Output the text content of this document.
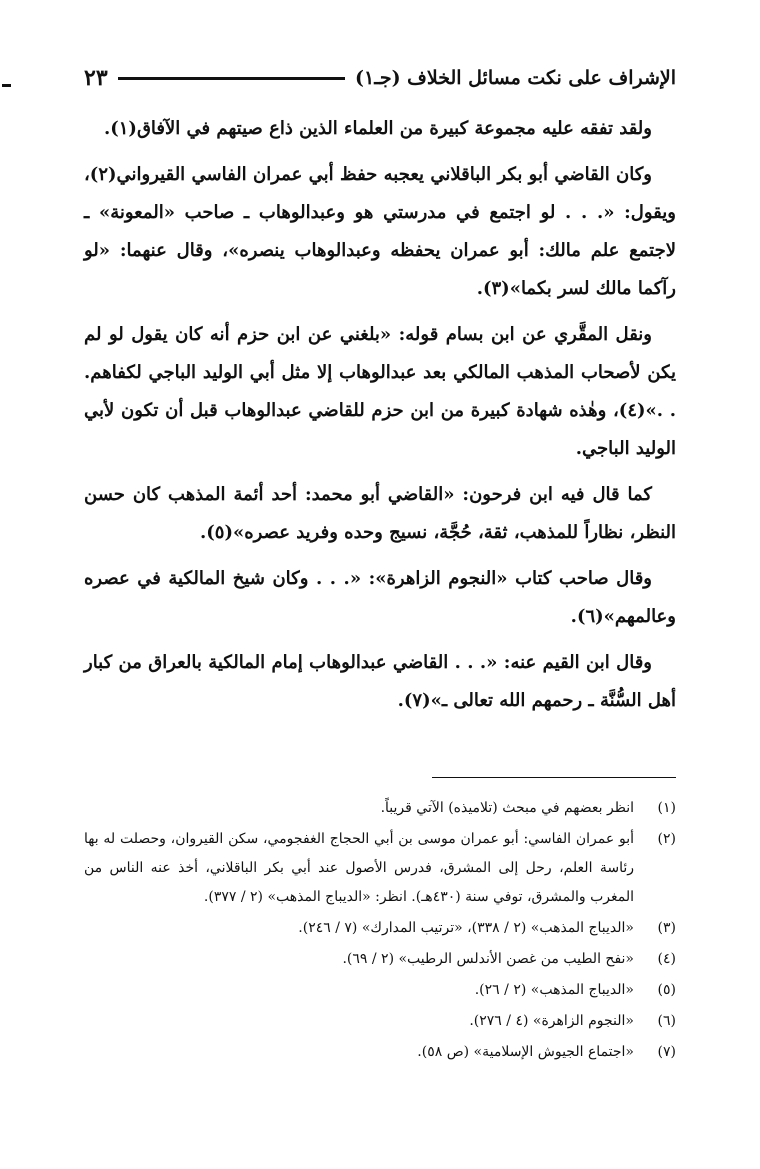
الإشراف على نكت مسائل الخلاف (جـ١)
٢٣

ولقد تفقه عليه مجموعة كبيرة من العلماء الذين ذاع صيتهم في الآفاق(١).

وكان القاضي أبو بكر الباقلاني يعجبه حفظ أبي عمران الفاسي القيرواني(٢)، ويقول: «. . . لو اجتمع في مدرستي هو وعبدالوهاب ـ صاحب «المعونة» ـ لاجتمع علم مالك: أبو عمران يحفظه وعبدالوهاب ينصره»، وقال عنهما: «لو رآكما مالك لسر بكما»(٣).

ونقل المقَّري عن ابن بسام قوله: «بلغني عن ابن حزم أنه كان يقول لو لم يكن لأصحاب المذهب المالكي بعد عبدالوهاب إلا مثل أبي الوليد الباجي لكفاهم. . .»(٤)، وهٰذه شهادة كبيرة من ابن حزم للقاضي عبدالوهاب قبل أن تكون لأبي الوليد الباجي.

كما قال فيه ابن فرحون: «القاضي أبو محمد: أحد أئمة المذهب كان حسن النظر، نظاراً للمذهب، ثقة، حُجَّة، نسيج وحده وفريد عصره»(٥).

وقال صاحب كتاب «النجوم الزاهرة»: «. . . وكان شيخ المالكية في عصره وعالمهم»(٦).

وقال ابن القيم عنه: «. . . القاضي عبدالوهاب إمام المالكية بالعراق من كبار أهل السُّنَّة ـ رحمهم الله تعالى ـ»(٧).

(١)
انظر بعضهم في مبحث (تلاميذه) الآتي قريباً.
(٢)
أبو عمران الفاسي: أبو عمران موسى بن أبي الحجاج الغفجومي، سكن القيروان، وحصلت له بها رئاسة العلم، رحل إلى المشرق، فدرس الأصول عند أبي بكر الباقلاني، أخذ عنه الناس من المغرب والمشرق، توفي سنة (٤٣٠هـ). انظر: «الديباج المذهب» (٢ / ٣٧٧).
(٣)
«الديباج المذهب» (٢ / ٣٣٨)، «ترتيب المدارك» (٧ / ٢٤٦).
(٤)
«نفح الطيب من غصن الأندلس الرطيب» (٢ / ٦٩).
(٥)
«الديباج المذهب» (٢ / ٢٦).
(٦)
«النجوم الزاهرة» (٤ / ٢٧٦).
(٧)
«اجتماع الجيوش الإسلامية» (ص ٥٨).
